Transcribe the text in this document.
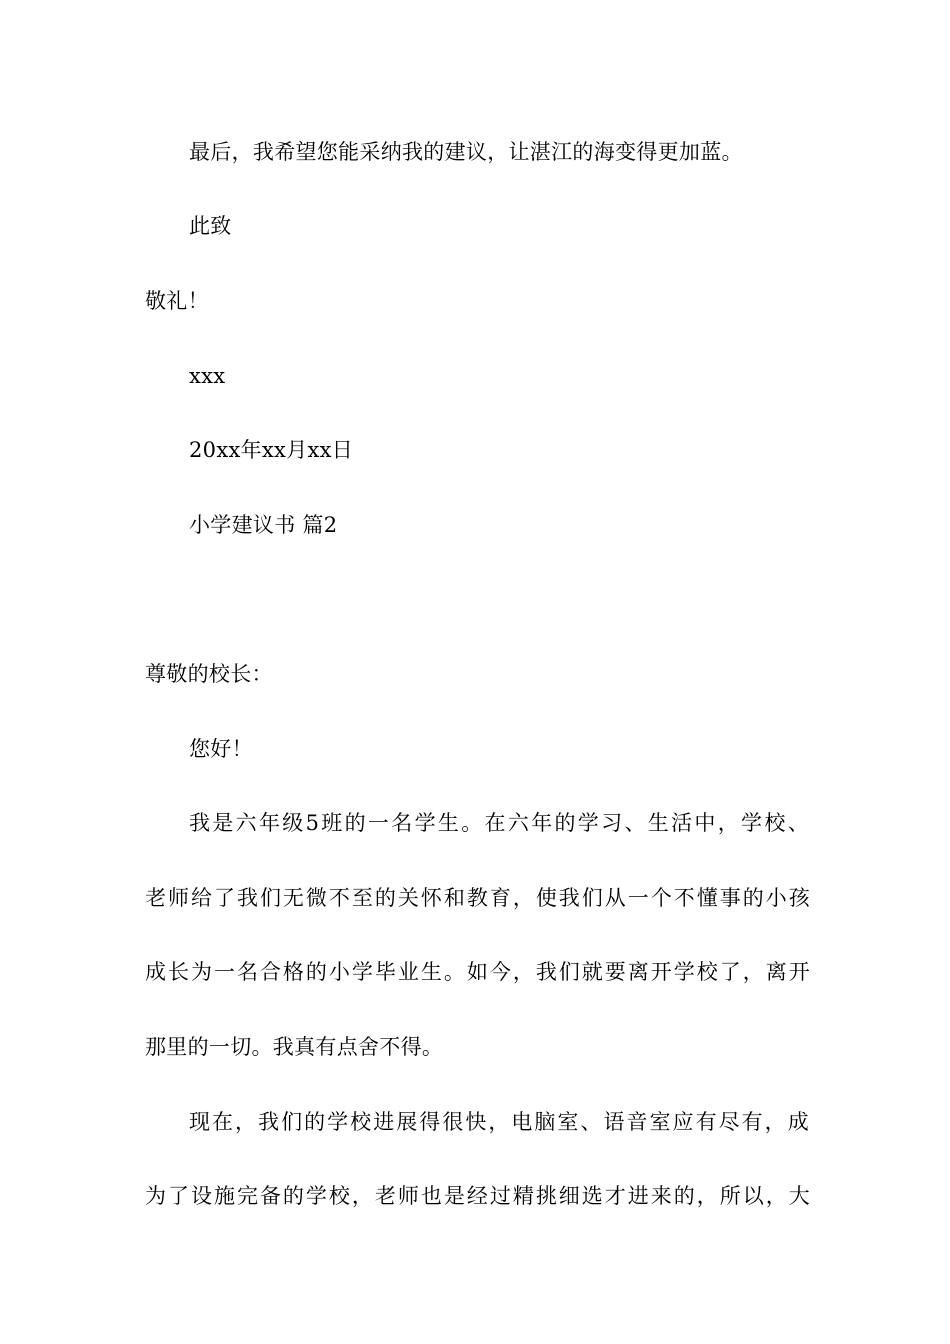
最后，我希望您能采纳我的建议，让湛江的海变得更加蓝。
此致
敬礼！
xxx
20xx年xx月xx日
小学建议书 篇2
尊敬的校长：
您好！
我是六年级5班的一名学生。在六年的学习、生活中，学校、
老师给了我们无微不至的关怀和教育，使我们从一个不懂事的小孩
成长为一名合格的小学毕业生。如今，我们就要离开学校了，离开
那里的一切。我真有点舍不得。
现在，我们的学校进展得很快，电脑室、语音室应有尽有，成
为了设施完备的学校，老师也是经过精挑细选才进来的，所以，大
